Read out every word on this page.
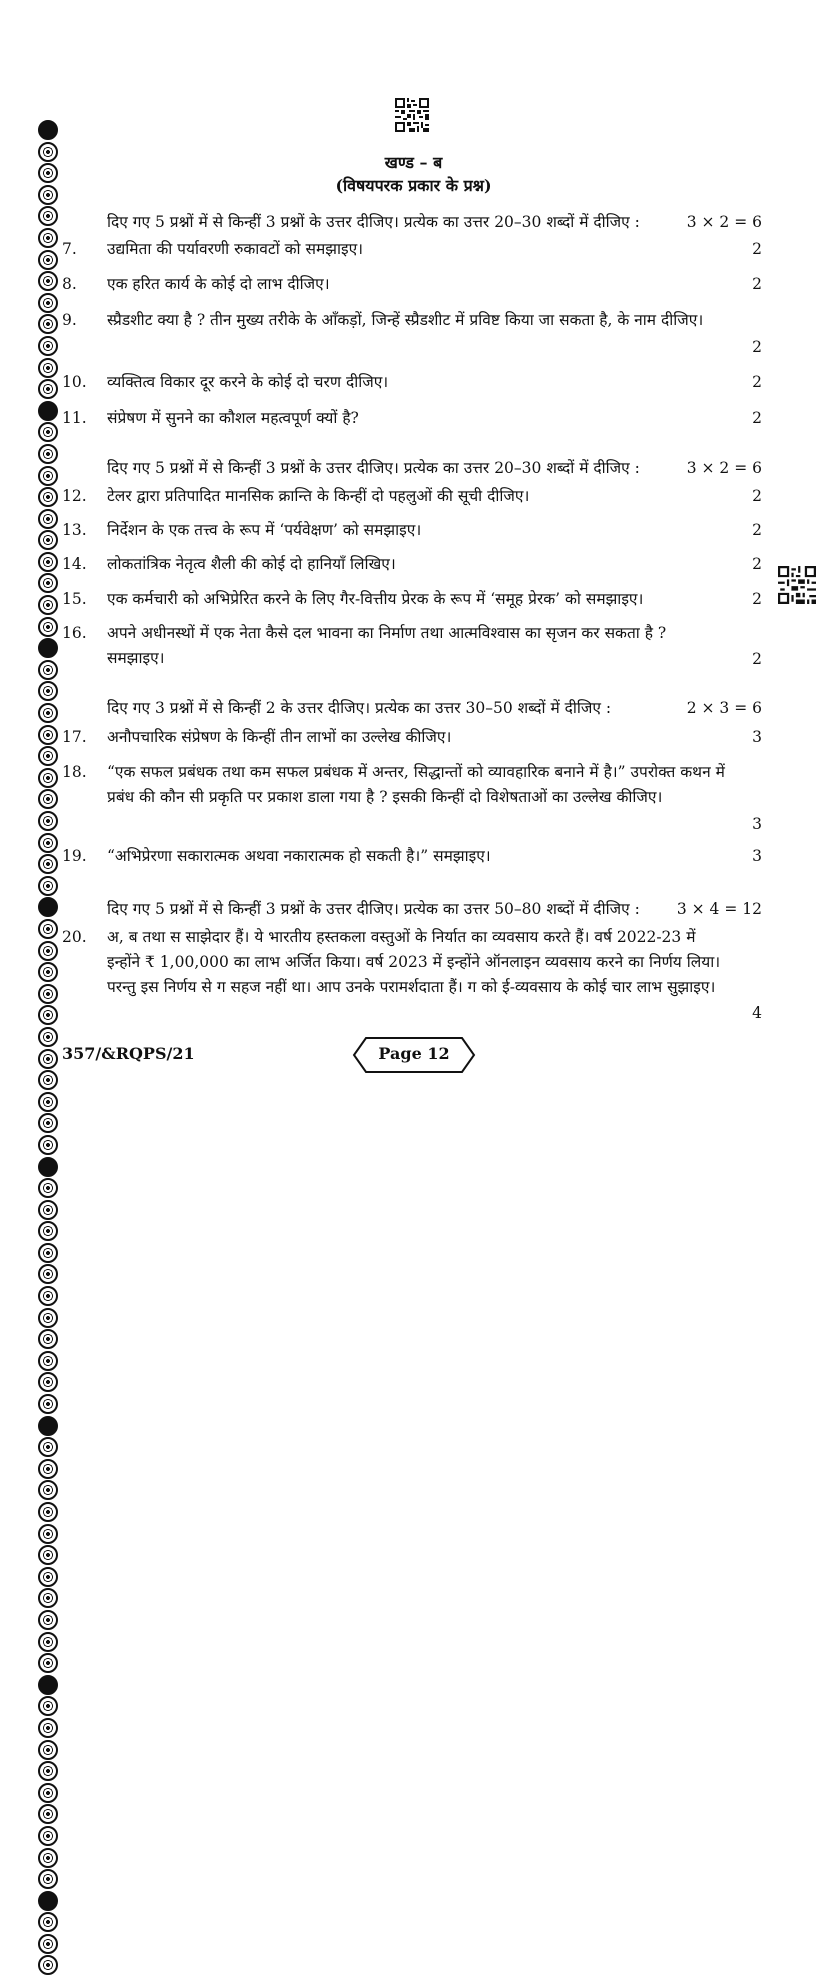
खण्ड – ब
(विषयपरक प्रकार के प्रश्न)
दिए गए 5 प्रश्नों में से किन्हीं 3 प्रश्नों के उत्तर दीजिए। प्रत्येक का उत्तर 20–30 शब्दों में दीजिए :	3 × 2 = 6
7.	उद्यमिता की पर्यावरणी रुकावटों को समझाइए।	2
8.	एक हरित कार्य के कोई दो लाभ दीजिए।	2
9.	स्प्रैडशीट क्या है ? तीन मुख्य तरीके के आँकड़ों, जिन्हें स्प्रैडशीट में प्रविष्ट किया जा सकता है, के नाम दीजिए।
2
10.	व्यक्तित्व विकार दूर करने के कोई दो चरण दीजिए।	2
11.	संप्रेषण में सुनने का कौशल महत्वपूर्ण क्यों है?	2
दिए गए 5 प्रश्नों में से किन्हीं 3 प्रश्नों के उत्तर दीजिए। प्रत्येक का उत्तर 20–30 शब्दों में दीजिए :	3 × 2 = 6
12.	टेलर द्वारा प्रतिपादित मानसिक क्रान्ति के किन्हीं दो पहलुओं की सूची दीजिए।	2
13.	निर्देशन के एक तत्त्व के रूप में ‘पर्यवेक्षण’ को समझाइए।	2
14.	लोकतांत्रिक नेतृत्व शैली की कोई दो हानियाँ लिखिए।	2
15.	एक कर्मचारी को अभिप्रेरित करने के लिए गैर-वित्तीय प्रेरक के रूप में ‘समूह प्रेरक’ को समझाइए।	2
16.	अपने अधीनस्थों में एक नेता कैसे दल भावना का निर्माण तथा आत्मविश्वास का सृजन कर सकता है ? समझाइए।	2
दिए गए 3 प्रश्नों में से किन्हीं 2 के उत्तर दीजिए। प्रत्येक का उत्तर 30–50 शब्दों में दीजिए :	2 × 3 = 6
17.	अनौपचारिक संप्रेषण के किन्हीं तीन लाभों का उल्लेख कीजिए।	3
18.	“एक सफल प्रबंधक तथा कम सफल प्रबंधक में अन्तर, सिद्धान्तों को व्यावहारिक बनाने में है।” उपरोक्त कथन में प्रबंध की कौन सी प्रकृति पर प्रकाश डाला गया है ? इसकी किन्हीं दो विशेषताओं का उल्लेख कीजिए।
3
19.	“अभिप्रेरणा सकारात्मक अथवा नकारात्मक हो सकती है।” समझाइए।	3
दिए गए 5 प्रश्नों में से किन्हीं 3 प्रश्नों के उत्तर दीजिए। प्रत्येक का उत्तर 50–80 शब्दों में दीजिए :	3 × 4 = 12
20.	अ, ब तथा स साझेदार हैं। ये भारतीय हस्तकला वस्तुओं के निर्यात का व्यवसाय करते हैं। वर्ष 2022-23 में इन्होंने ₹ 1,00,000 का लाभ अर्जित किया। वर्ष 2023 में इन्होंने ऑनलाइन व्यवसाय करने का निर्णय लिया। परन्तु इस निर्णय से ग सहज नहीं था। आप उनके परामर्शदाता हैं। ग को ई-व्यवसाय के कोई चार लाभ सुझाइए।
4
357/&RQPS/21	Page 12
